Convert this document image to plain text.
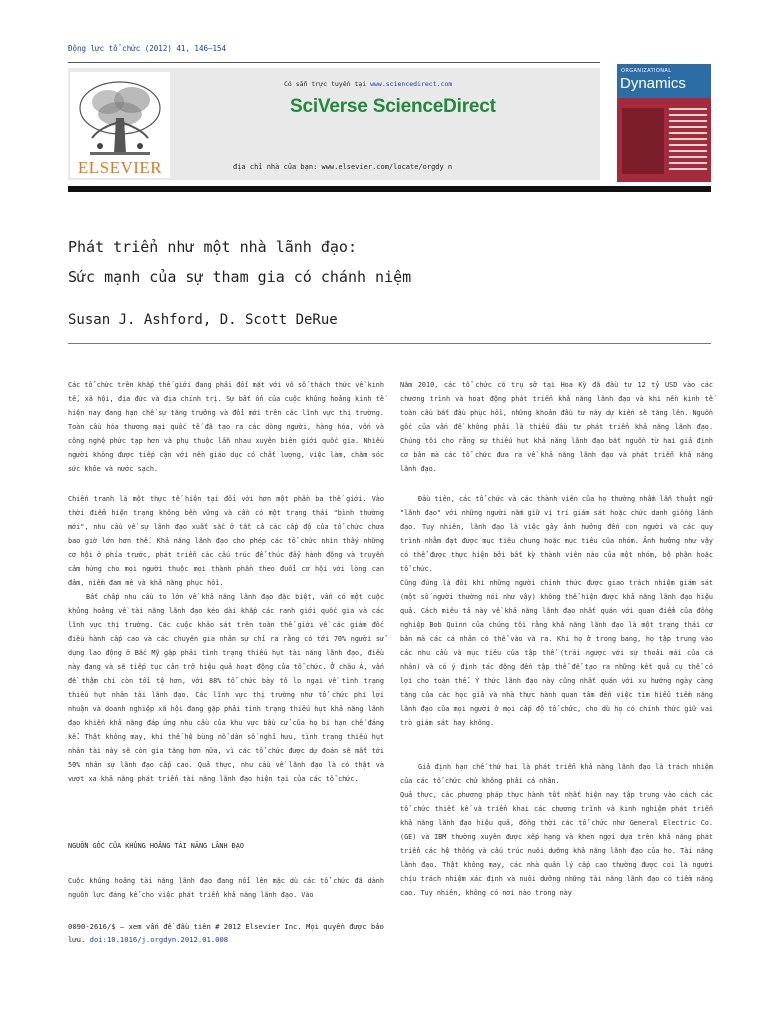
Động lực tổ chức (2012) 41, 146–154
ELSEVIER
Có sẵn trực tuyến tại www.sciencedirect.com
SciVerse ScienceDirect
địa chỉ nhà của bạn: www.elsevier.com/locate/orgdy n
ORGANIZATIONAL
Dynamics
Phát triển như một nhà lãnh đạo:
Sức mạnh của sự tham gia có chánh niệm
Susan J. Ashford, D. Scott DeRue
Các tổ chức trên khắp thế giới đang phải đối mặt với vô số thách thức về kinh tế, xã hội, địa đức và địa chính trị. Sự bất ổn của cuộc khủng hoảng kinh tế hiện nay đang hạn chế sự tăng trưởng và đổi mới trên các lĩnh vực thị trường. Toàn cầu hóa thương mại quốc tế đã tạo ra các dòng người, hàng hóa, vốn và công nghệ phức tạp hơn và phụ thuộc lẫn nhau xuyên biên giới quốc gia. Nhiều người không được tiếp cận với nền giáo dục có chất lượng, việc làm, chăm sóc sức khỏe và nước sạch.
Chiến tranh là một thực tế hiện tại đối với hơn một phần ba thế giới. Vào thời điểm hiện trạng không bền vững và cần có một trạng thái "bình thường mới", nhu cầu về sự lãnh đạo xuất sắc ở tất cả các cấp độ của tổ chức chưa bao giờ lớn hơn thế. Khả năng lãnh đạo cho phép các tổ chức nhìn thấy những cơ hội ở phía trước, phát triển các cấu trúc để thúc đẩy hành động và truyền cảm hứng cho mọi người thuộc mọi thành phần theo đuổi cơ hội với lòng can đảm, niềm đam mê và khả năng phục hồi.
Bất chấp nhu cầu to lớn về khả năng lãnh đạo đặc biệt, vẫn có một cuộc khủng hoảng về tài năng lãnh đạo kéo dài khắp các ranh giới quốc gia và các lĩnh vực thị trường. Các cuộc khảo sát trên toàn thế giới về các giám đốc điều hành cấp cao và các chuyên gia nhân sự chỉ ra rằng có tới 70% người sử dụng lao động ở Bắc Mỹ gặp phải tình trạng thiếu hụt tài năng lãnh đạo, điều này đang và sẽ tiếp tục cản trở hiệu quả hoạt động của tổ chức. Ở châu Á, vấn đề thậm chí còn tồi tệ hơn, với 88% tổ chức bày tỏ lo ngại về tình trạng thiếu hụt nhân tài lãnh đạo. Các lĩnh vực thị trường như tổ chức phi lợi nhuận và doanh nghiệp xã hội đang gặp phải tình trạng thiếu hụt khả năng lãnh đạo khiến khả năng đáp ứng nhu cầu của khu vực bầu cử của họ bị hạn chế đáng kể. Thật không may, khi thế hệ bùng nổ dân số nghỉ hưu, tình trạng thiếu hụt nhân tài này sẽ còn gia tăng hơn nữa, vì các tổ chức được dự đoán sẽ mất tới 50% nhân sự lãnh đạo cấp cao. Quả thực, nhu cầu về lãnh đạo là có thật và vượt xa khả năng phát triển tài năng lãnh đạo hiện tại của các tổ chức.
NGUỒN GỐC CỦA KHỦNG HOẢNG TÀI NĂNG LÃNH ĐẠO
Cuộc khủng hoảng tài năng lãnh đạo đang nổi lên mặc dù các tổ chức đã dành nguồn lực đáng kể cho việc phát triển khả năng lãnh đạo. Vào
Năm 2010, các tổ chức có trụ sở tại Hoa Kỳ đã đầu tư 12 tỷ USD vào các chương trình và hoạt động phát triển khả năng lãnh đạo và khi nền kinh tế toàn cầu bắt đầu phục hồi, những khoản đầu tư này dự kiến sẽ tăng lên. Nguồn gốc của vấn đề không phải là thiếu đầu tư phát triển khả năng lãnh đạo. Chúng tôi cho rằng sự thiếu hụt khả năng lãnh đạo bắt nguồn từ hai giả định cơ bản mà các tổ chức đưa ra về khả năng lãnh đạo và phát triển khả năng lãnh đạo.
Đầu tiên, các tổ chức và các thành viên của họ thường nhầm lẫn thuật ngữ "lãnh đạo" với những người nắm giữ vị trí giám sát hoặc chức danh giống lãnh đạo. Tuy nhiên, lãnh đạo là việc gây ảnh hưởng đến con người và các quy trình nhằm đạt được mục tiêu chung hoặc mục tiêu của nhóm. Ảnh hưởng như vậy có thể được thực hiện bởi bất kỳ thành viên nào của một nhóm, bộ phận hoặc tổ chức.
Cũng đúng là đôi khi những người chính thức được giao trách nhiệm giám sát (một số người thường nói như vậy) không thể hiện được khả năng lãnh đạo hiệu quả. Cách miêu tả này về khả năng lãnh đạo nhất quán với quan điểm của đồng nghiệp Bob Quinn của chúng tôi rằng khả năng lãnh đạo là một trạng thái cơ bản mà các cá nhân có thể vào và ra. Khi họ ở trong bang, họ tập trung vào các nhu cầu và mục tiêu của tập thể (trái ngược với sự thoải mái của cá nhân) và có ý định tác động đến tập thể để tạo ra những kết quả cụ thể có lợi cho toàn thể. Ý thức lãnh đạo này cũng nhất quán với xu hướng ngày càng tăng của các học giả và nhà thực hành quan tâm đến việc tìm hiểu tiềm năng lãnh đạo của mọi người ở mọi cấp độ tổ chức, cho dù họ có chính thức giữ vai trò giám sát hay không.
Giả định hạn chế thứ hai là phát triển khả năng lãnh đạo là trách nhiệm của các tổ chức chứ không phải cá nhân.
Quả thực, các phương pháp thực hành tốt nhất hiện nay tập trung vào cách các tổ chức thiết kế và triển khai các chương trình và kinh nghiệm phát triển khả năng lãnh đạo hiệu quả, đồng thời các tổ chức như General Electric Co. (GE) và IBM thường xuyên được xếp hạng và khen ngợi dựa trên khả năng phát triển các hệ thống và cấu trúc nuôi dưỡng khả năng lãnh đạo của họ. Tài năng lãnh đạo. Thật không may, các nhà quản lý cấp cao thường được coi là người chịu trách nhiệm xác định và nuôi dưỡng những tài năng lãnh đạo có tiềm năng cao. Tuy nhiên, không có nơi nào trong này
0090-2616/$ — xem vấn đề đầu tiên # 2012 Elsevier Inc. Mọi quyền được bảo lưu. doi:10.1016/j.orgdyn.2012.01.008
